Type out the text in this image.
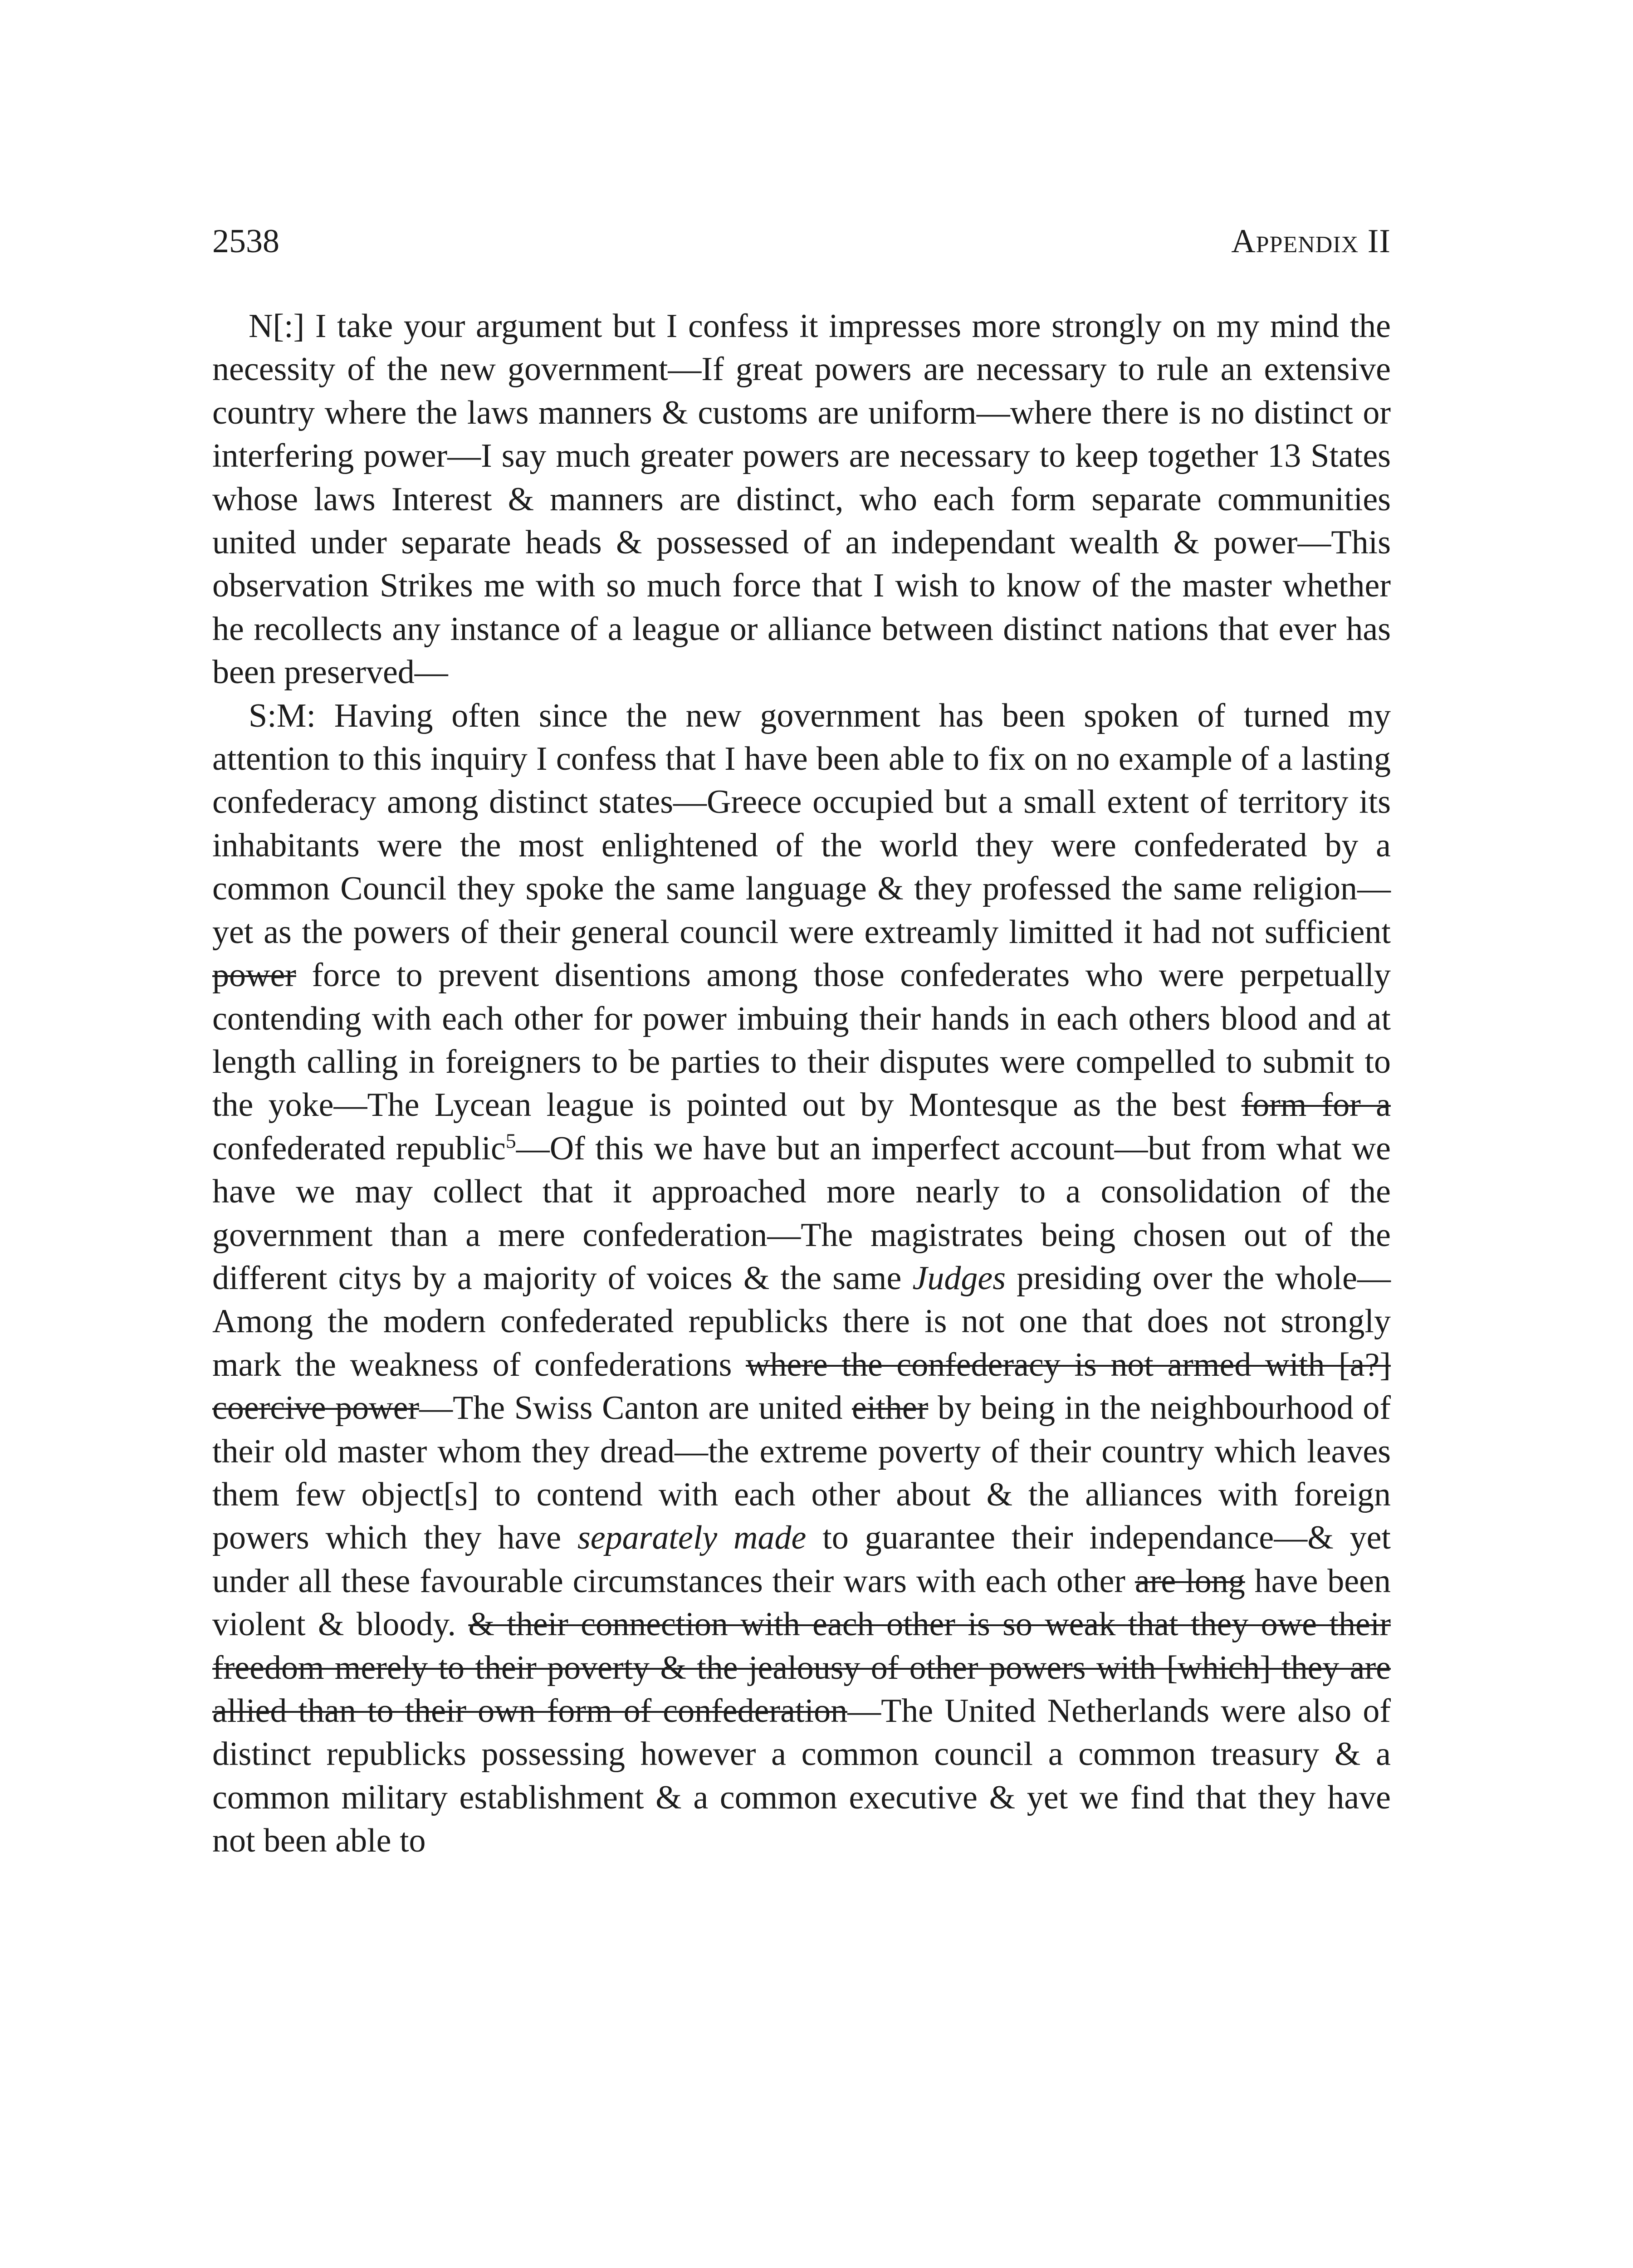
2538	Appendix II

N[:] I take your argument but I confess it impresses more strongly on my mind the necessity of the new government—If great powers are necessary to rule an extensive country where the laws manners & customs are uniform—where there is no distinct or interfering power—I say much greater powers are necessary to keep together 13 States whose laws Interest & manners are distinct, who each form separate communities united under separate heads & possessed of an independant wealth & power—This observation Strikes me with so much force that I wish to know of the master whether he recollects any instance of a league or alliance between distinct nations that ever has been preserved—

S:M: Having often since the new government has been spoken of turned my attention to this inquiry I confess that I have been able to fix on no example of a lasting confederacy among distinct states—Greece occupied but a small extent of territory its inhabitants were the most enlightened of the world they were confederated by a common Council they spoke the same language & they professed the same religion—yet as the powers of their general council were extreamly limitted it had not sufficient power force to prevent disentions among those confederates who were perpetually contending with each other for power imbuing their hands in each others blood and at length calling in foreigners to be parties to their disputes were compelled to submit to the yoke—The Lycean league is pointed out by Montesque as the best form for a confederated republic$^5$—Of this we have but an imperfect account—but from what we have we may collect that it approached more nearly to a consolidation of the government than a mere confederation—The magistrates being chosen out of the different citys by a majority of voices & the same Judges presiding over the whole—Among the modern confederated republicks there is not one that does not strongly mark the weakness of confederations where the confederacy is not armed with [a?] coercive power—The Swiss Canton are united either by being in the neighbourhood of their old master whom they dread—the extreme poverty of their country which leaves them few object[s] to contend with each other about & the alliances with foreign powers which they have separately made to guarantee their independance—& yet under all these favourable circumstances their wars with each other are long have been violent & bloody. & their connection with each other is so weak that they owe their freedom merely to their poverty & the jealousy of other powers with [which] they are allied than to their own form of confederation—The United Netherlands were also of distinct republicks possessing however a common council a common treasury & a common military establishment & a common executive & yet we find that they have not been able to
